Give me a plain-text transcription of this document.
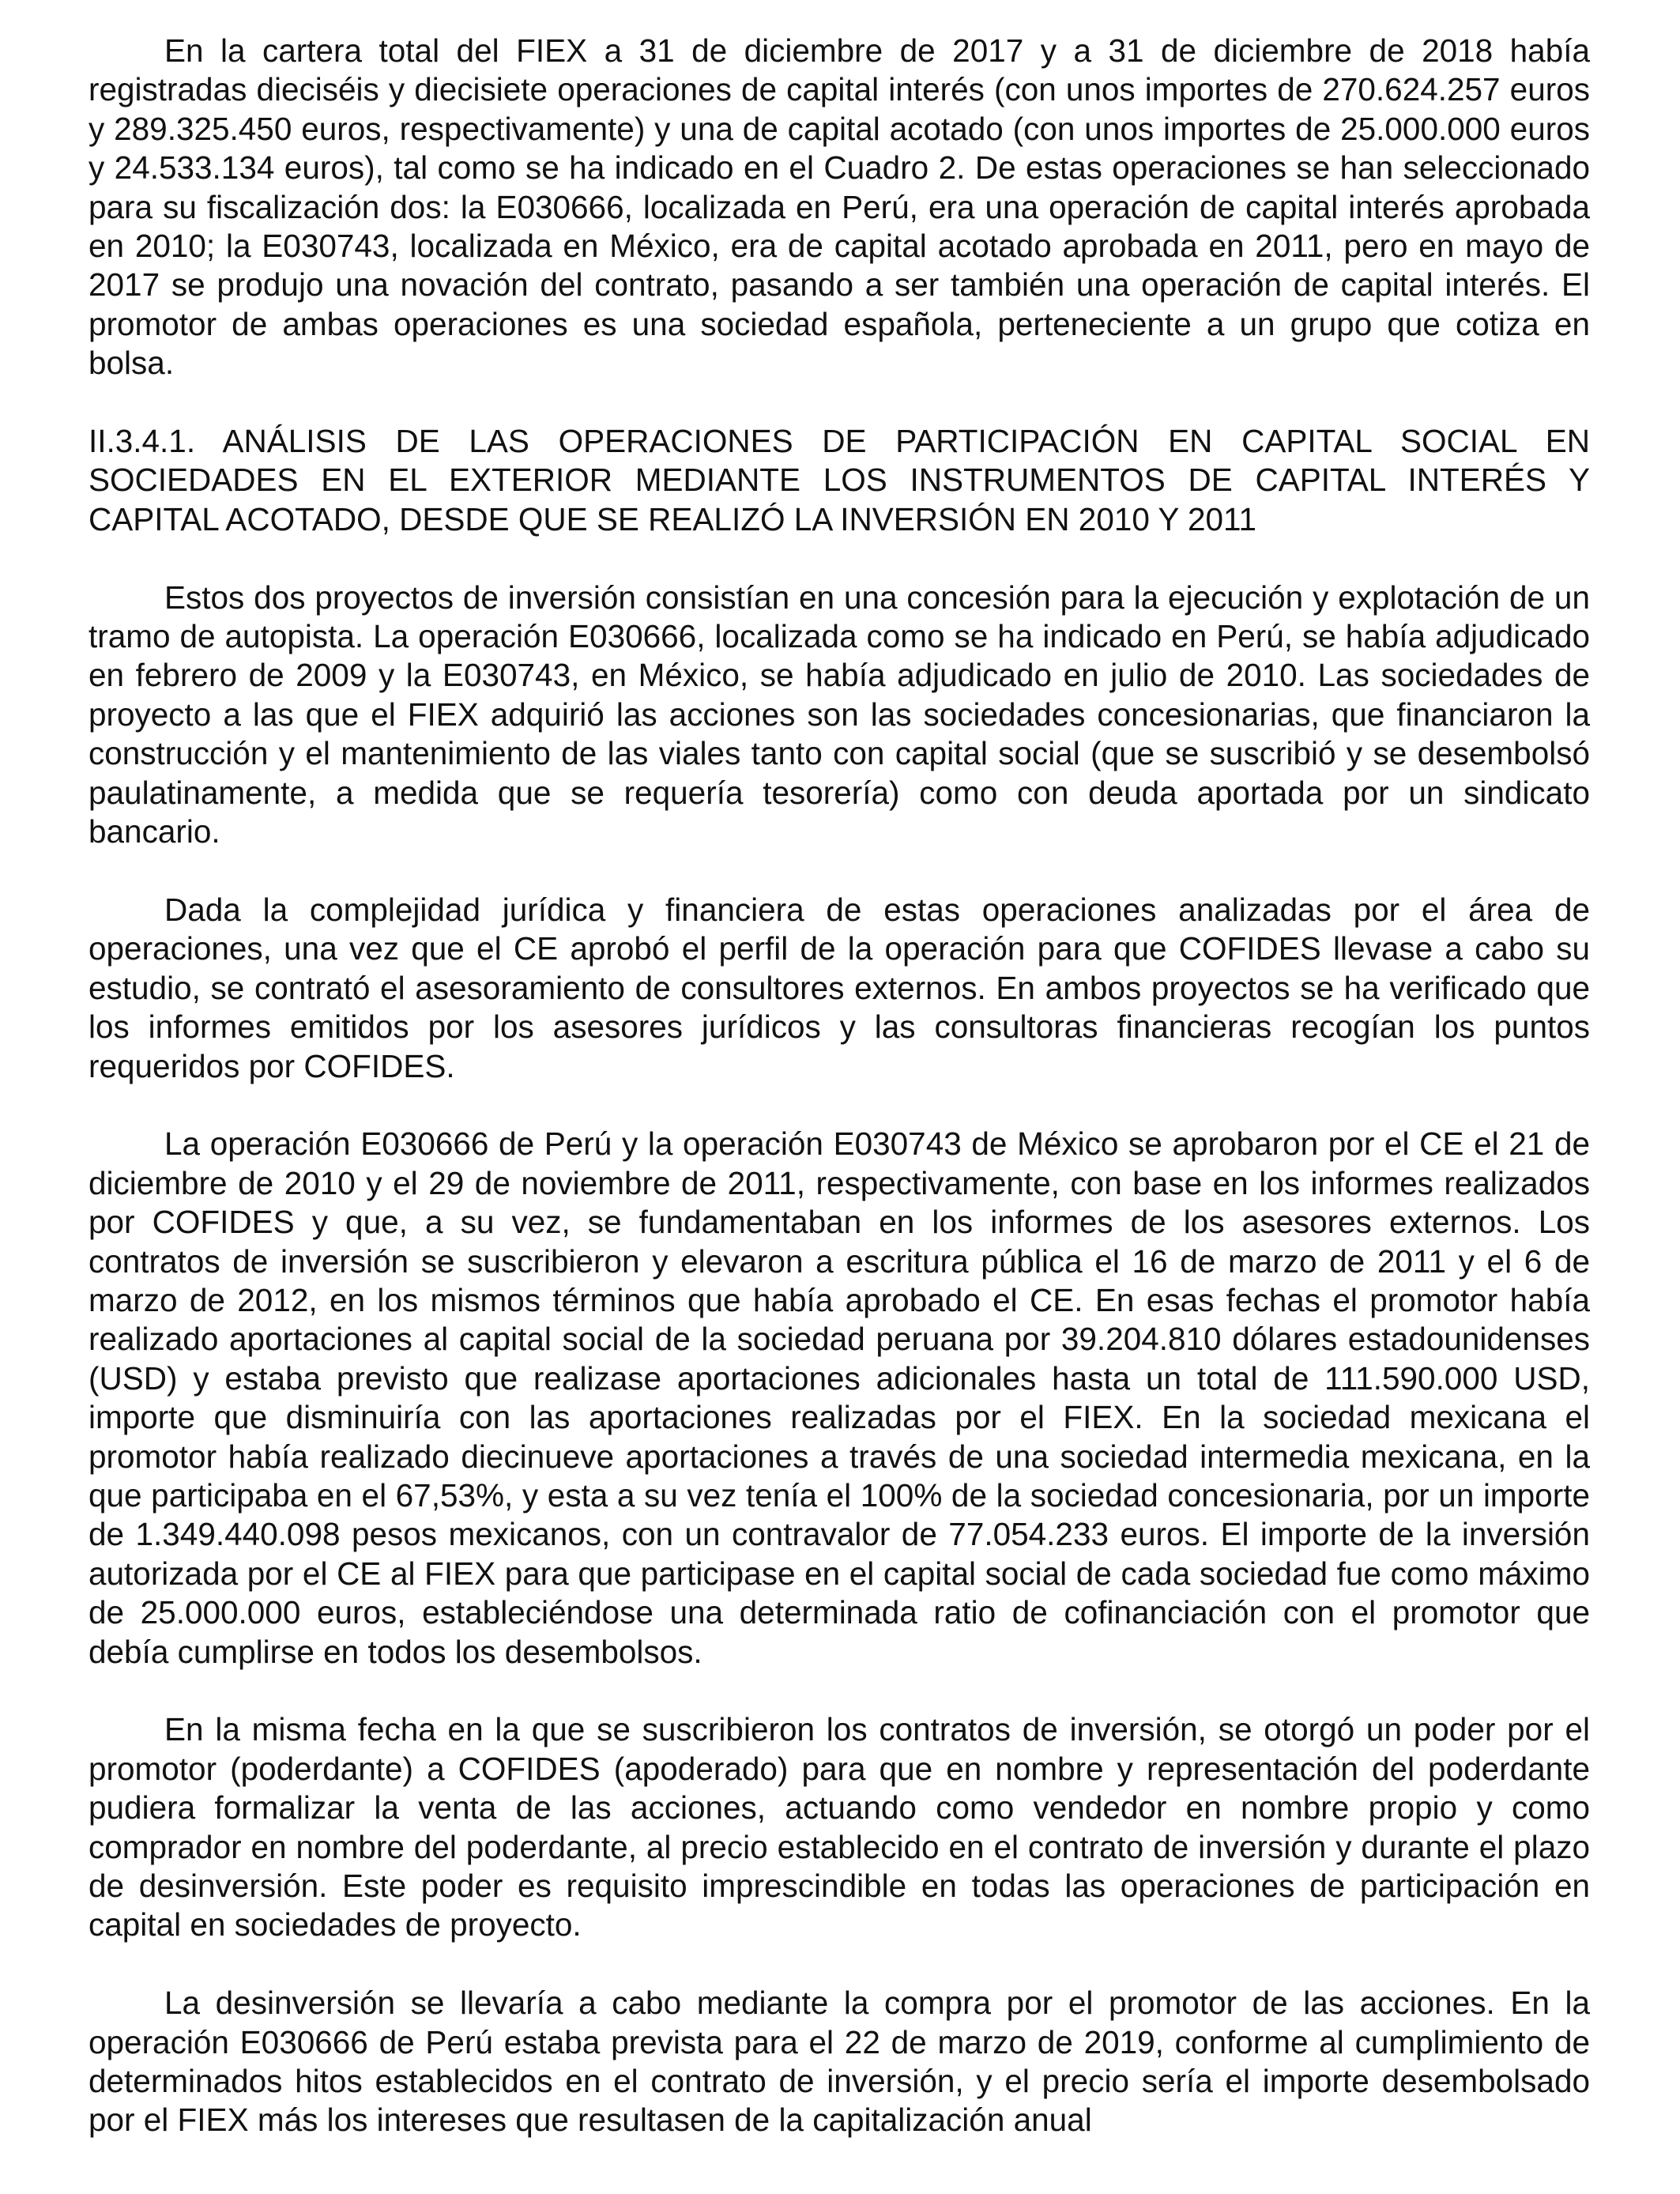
En la cartera total del FIEX a 31 de diciembre de 2017 y a 31 de diciembre de 2018 había registradas dieciséis y diecisiete operaciones de capital interés (con unos importes de 270.624.257 euros y 289.325.450 euros, respectivamente) y una de capital acotado (con unos importes de 25.000.000 euros y 24.533.134 euros), tal como se ha indicado en el Cuadro 2. De estas operaciones se han seleccionado para su fiscalización dos: la E030666, localizada en Perú, era una operación de capital interés aprobada en 2010; la E030743, localizada en México, era de capital acotado aprobada en 2011, pero en mayo de 2017 se produjo una novación del contrato, pasando a ser también una operación de capital interés. El promotor de ambas operaciones es una sociedad española, perteneciente a un grupo que cotiza en bolsa.

II.3.4.1. ANÁLISIS DE LAS OPERACIONES DE PARTICIPACIÓN EN CAPITAL SOCIAL EN SOCIEDADES EN EL EXTERIOR MEDIANTE LOS INSTRUMENTOS DE CAPITAL INTERÉS Y CAPITAL ACOTADO, DESDE QUE SE REALIZÓ LA INVERSIÓN EN 2010 Y 2011

Estos dos proyectos de inversión consistían en una concesión para la ejecución y explotación de un tramo de autopista. La operación E030666, localizada como se ha indicado en Perú, se había adjudicado en febrero de 2009 y la E030743, en México, se había adjudicado en julio de 2010. Las sociedades de proyecto a las que el FIEX adquirió las acciones son las sociedades concesionarias, que financiaron la construcción y el mantenimiento de las viales tanto con capital social (que se suscribió y se desembolsó paulatinamente, a medida que se requería tesorería) como con deuda aportada por un sindicato bancario.

Dada la complejidad jurídica y financiera de estas operaciones analizadas por el área de operaciones, una vez que el CE aprobó el perfil de la operación para que COFIDES llevase a cabo su estudio, se contrató el asesoramiento de consultores externos. En ambos proyectos se ha verificado que los informes emitidos por los asesores jurídicos y las consultoras financieras recogían los puntos requeridos por COFIDES.

La operación E030666 de Perú y la operación E030743 de México se aprobaron por el CE el 21 de diciembre de 2010 y el 29 de noviembre de 2011, respectivamente, con base en los informes realizados por COFIDES y que, a su vez, se fundamentaban en los informes de los asesores externos. Los contratos de inversión se suscribieron y elevaron a escritura pública el 16 de marzo de 2011 y el 6 de marzo de 2012, en los mismos términos que había aprobado el CE. En esas fechas el promotor había realizado aportaciones al capital social de la sociedad peruana por 39.204.810 dólares estadounidenses (USD) y estaba previsto que realizase aportaciones adicionales hasta un total de 111.590.000 USD, importe que disminuiría con las aportaciones realizadas por el FIEX. En la sociedad mexicana el promotor había realizado diecinueve aportaciones a través de una sociedad intermedia mexicana, en la que participaba en el 67,53%, y esta a su vez tenía el 100% de la sociedad concesionaria, por un importe de 1.349.440.098 pesos mexicanos, con un contravalor de 77.054.233 euros. El importe de la inversión autorizada por el CE al FIEX para que participase en el capital social de cada sociedad fue como máximo de 25.000.000 euros, estableciéndose una determinada ratio de cofinanciación con el promotor que debía cumplirse en todos los desembolsos.

En la misma fecha en la que se suscribieron los contratos de inversión, se otorgó un poder por el promotor (poderdante) a COFIDES (apoderado) para que en nombre y representación del poderdante pudiera formalizar la venta de las acciones, actuando como vendedor en nombre propio y como comprador en nombre del poderdante, al precio establecido en el contrato de inversión y durante el plazo de desinversión. Este poder es requisito imprescindible en todas las operaciones de participación en capital en sociedades de proyecto.

La desinversión se llevaría a cabo mediante la compra por el promotor de las acciones. En la operación E030666 de Perú estaba prevista para el 22 de marzo de 2019, conforme al cumplimiento de determinados hitos establecidos en el contrato de inversión, y el precio sería el importe desembolsado por el FIEX más los intereses que resultasen de la capitalización anual
